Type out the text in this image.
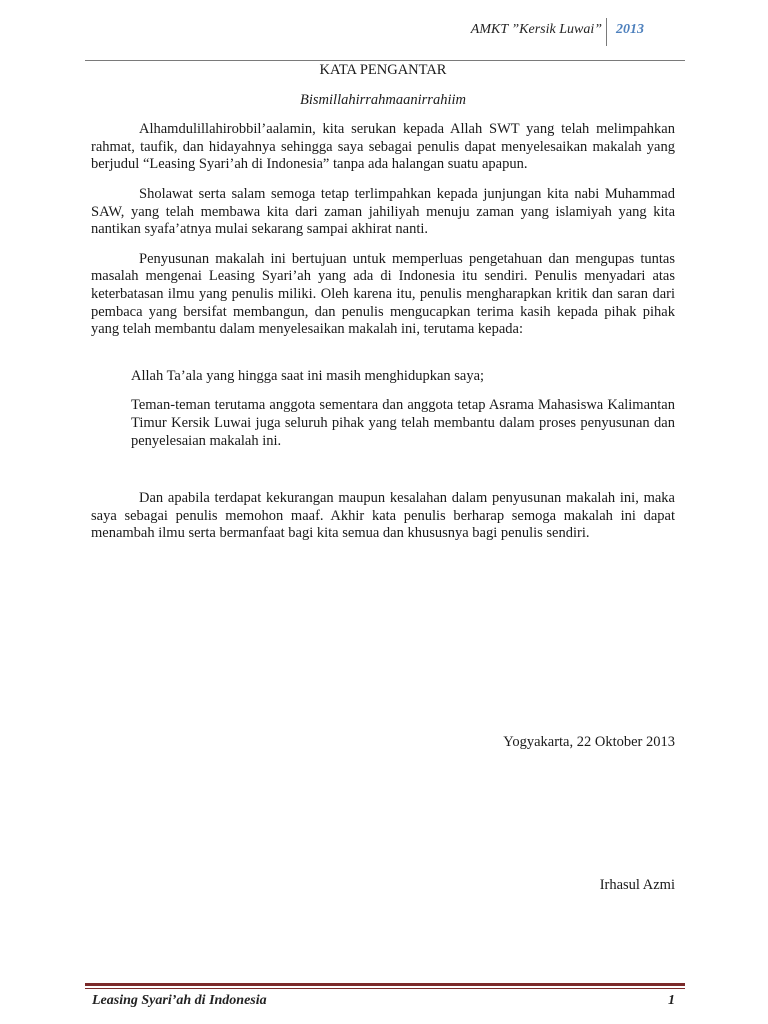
AMKT ”Kersik Luwai” 2013

KATA PENGANTAR

Bismillahirrahmaanirrahiim

Alhamdulillahirobbil’aalamin, kita serukan kepada Allah SWT yang telah melimpahkan rahmat, taufik, dan hidayahnya sehingga saya sebagai penulis dapat menyelesaikan makalah yang berjudul “Leasing Syari’ah di Indonesia” tanpa ada halangan suatu apapun.

Sholawat serta salam semoga tetap terlimpahkan kepada junjungan kita nabi Muhammad SAW, yang telah membawa kita dari zaman jahiliyah menuju zaman yang islamiyah yang kita nantikan syafa’atnya mulai sekarang sampai akhirat nanti.

Penyusunan makalah ini bertujuan untuk memperluas pengetahuan dan mengupas tuntas masalah mengenai Leasing Syari’ah yang ada di Indonesia itu sendiri. Penulis menyadari atas keterbatasan ilmu yang penulis miliki. Oleh karena itu, penulis mengharapkan kritik dan saran dari pembaca yang bersifat membangun, dan penulis mengucapkan terima kasih kepada pihak pihak yang telah membantu dalam menyelesaikan makalah ini, terutama kepada:

Allah Ta’ala yang hingga saat ini masih menghidupkan saya;

Teman-teman terutama anggota sementara dan anggota tetap Asrama Mahasiswa Kalimantan Timur Kersik Luwai juga seluruh pihak yang telah membantu dalam proses penyusunan dan penyelesaian makalah ini.

Dan apabila terdapat kekurangan maupun kesalahan dalam penyusunan makalah ini, maka saya sebagai penulis memohon maaf. Akhir kata penulis berharap semoga makalah ini dapat menambah ilmu serta bermanfaat bagi kita semua dan khususnya bagi penulis sendiri.

Yogyakarta, 22 Oktober 2013
Irhasul Azmi
Leasing Syari’ah di Indonesia	1
